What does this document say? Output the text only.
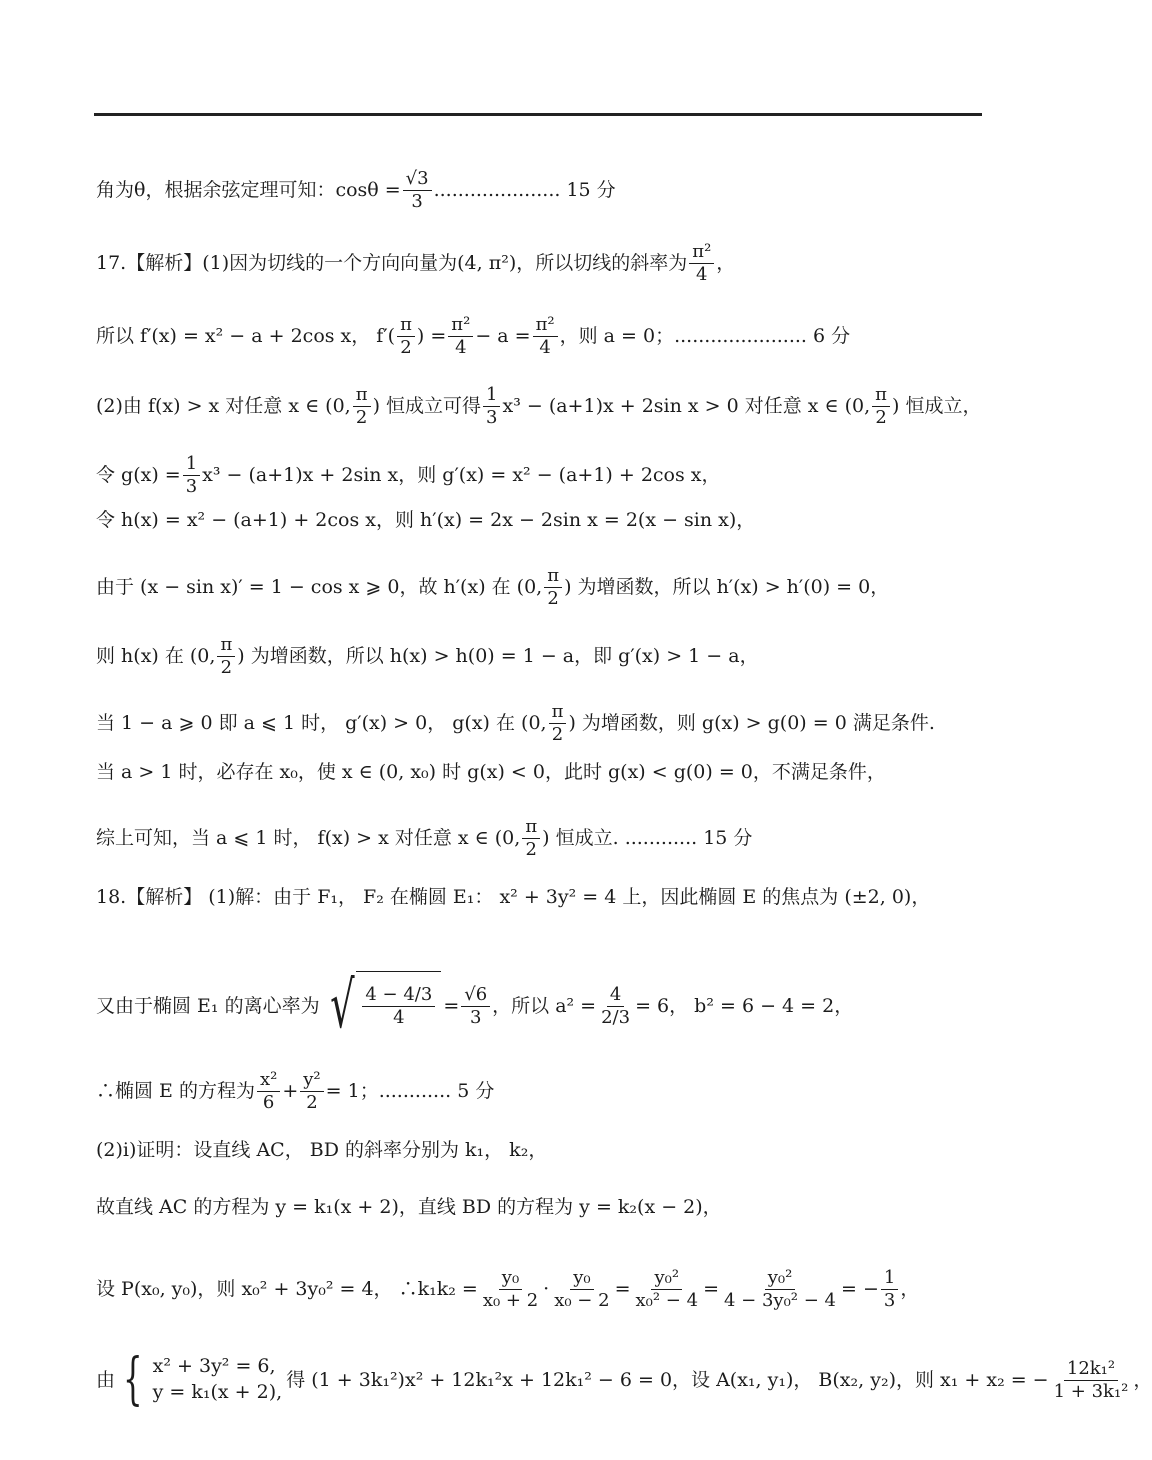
角为θ，根据余弦定理可知：$\cos\theta = \frac{√3}{3}$ ..................... 15 分
17.【解析】(1)因为切线的一个方向向量为(4, π²)，所以切线的斜率为 $\frac{\text{π²}}{4}$ ，
所以 f′(x) = x² − a + 2cos x， $f'( \frac{\pi}{2}$ ) = $\frac{\text{π²}}{4} - a = \frac{\text{π²}}{4}$ ，则 a = 0；...................... 6 分
(2)由 f(x) > x 对任意 x ∈ (0, $\frac{\pi}{2}$ ) 恒成立可得 $\frac{1}{3} x^3 - (a+1)x + 2\sin$ x > 0 对任意 x ∈ (0, $\frac{\pi}{2}$ ) 恒成立，
令 $g(x) = \frac{1}{3} x^3 - (a+1)x + 2\sin$ x，则 g′(x) = x² − (a+1) + 2cos x，
令 h(x) = x² − (a+1) + 2cos x，则 h′(x) = 2x − 2sin x = 2(x − sin x)，
由于 (x − sin x)′ = 1 − cos x ⩾ 0，故 h′(x) 在 (0, $\frac{\pi}{2}$ ) 为增函数，所以 h′(x) > h′(0) = 0，
则 h(x) 在 (0, $\frac{\pi}{2}$ ) 为增函数，所以 h(x) > h(0) = 1 − a，即 g′(x) > 1 − a，
当 1 − a ⩾ 0 即 a ⩽ 1 时， g′(x) > 0， g(x) 在 (0, $\frac{\pi}{2}$ ) 为增函数，则 g(x) > g(0) = 0 满足条件.
当 a > 1 时，必存在 x₀，使 x ∈ (0, x₀) 时 g(x) < 0，此时 g(x) < g(0) = 0，不满足条件，
综上可知，当 a ⩽ 1 时， f(x) > x 对任意 x ∈ (0, $\frac{\pi}{2}$ ) 恒成立. ............ 15 分
18.【解析】 (1)解：由于 F₁， F₂ 在椭圆 E₁： x² + 3y² = 4 上，因此椭圆 E 的焦点为 (±2, 0)，
又由于椭圆 E₁ 的离心率为 √ $\frac{4 - 4/3}{4} = \frac{√6}{3}$ ，所以 $a^2 = \frac{4}{2/3} = 6$， b² = 6 − 4 = 2，
∴椭圆 E 的方程为 $\frac{\text{x²}}{6} + \frac{\text{y²}}{2} = 1$；............ 5 分
(2)i)证明：设直线 AC， BD 的斜率分别为 k₁， k₂，
故直线 AC 的方程为 y = k₁(x + 2)，直线 BD 的方程为 y = k₂(x − 2)，
设 P(x₀, y₀)，则 x₀² + 3y₀² = 4， ∴k₁k₂ = $\frac{\text{y₀}}{\text{x₀ + 2}} \cdot \frac{\text{y₀}}{\text{x₀ − 2}} = \frac{\text{y₀²}}{\text{x₀² − 4}} = \frac{\text{y₀²}}{\text{4 − 3y₀² − 4}}$ = − $\frac{1}{3}$ ，
由 { x² + 3y² = 6,
y = k₁(x + 2),
得 (1 + 3k₁²)x² + 12k₁²x + 12k₁² − 6 = 0，设 A(x₁, y₁)， B(x₂, y₂)，则 x₁ + x₂ = − $\frac{\text{12k₁²}}{\text{1 + 3k₁²}}$ ，
